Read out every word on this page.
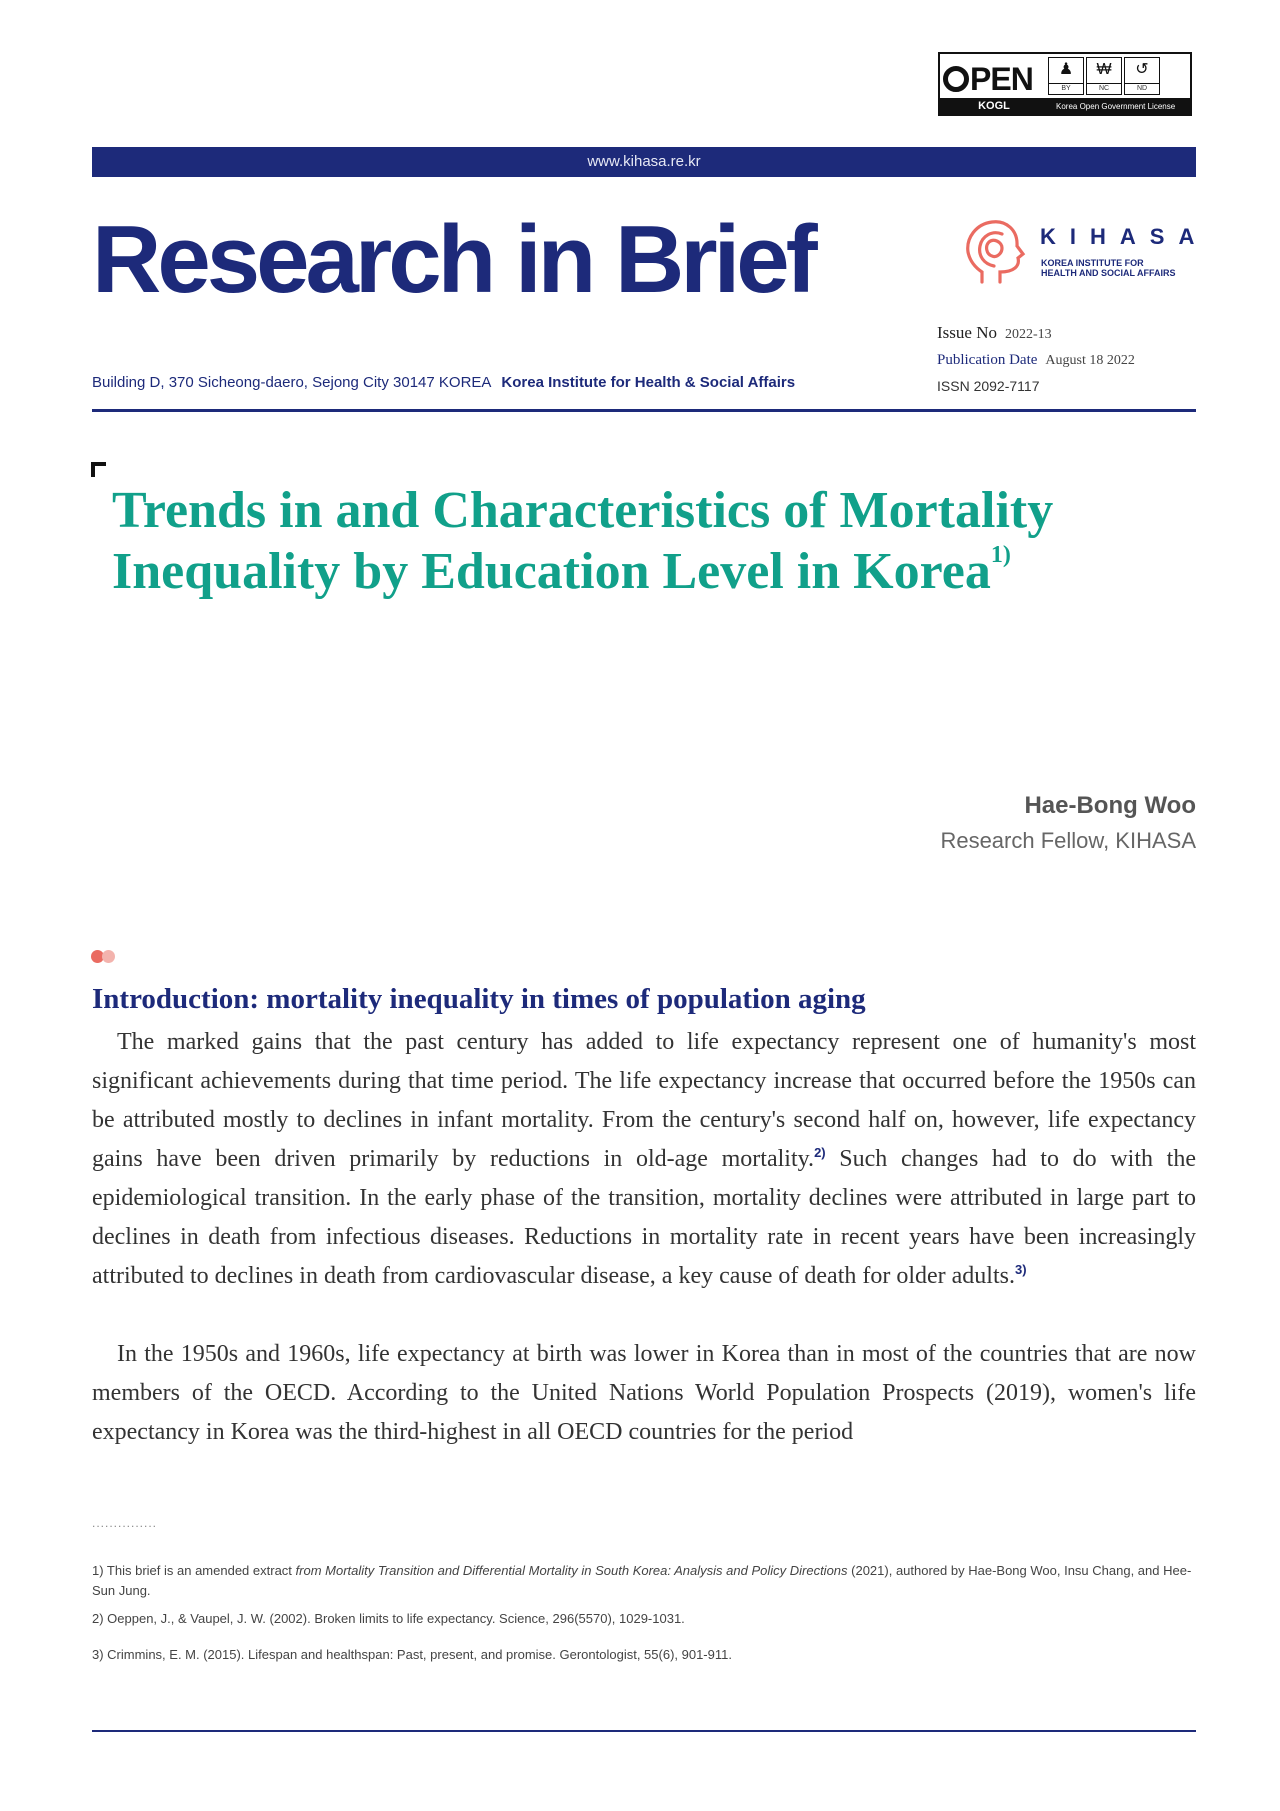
PEN	♟
BY
₩
NC
↺
ND
KOGL	Korea Open Government License
www.kihasa.re.kr
Research in Brief	KIHASA
KOREA INSTITUTE FOR
HEALTH AND SOCIAL AFFAIRS
Issue No 2022-13
Publication Date August 18 2022
ISSN 2092-7117
Building D, 370 Sicheong-daero, Sejong City 30147 KOREA Korea Institute for Health & Social Affairs
Trends in and Characteristics of Mortality
Inequality by Education Level in Korea$^{1)}$
Hae-Bong Woo
Research Fellow, KIHASA
Introduction: mortality inequality in times of population aging

The marked gains that the past century has added to life expectancy represent one of humanity's most significant achievements during that time period. The life expectancy increase that occurred before the 1950s can be attributed mostly to declines in infant mortality. From the century's second half on, however, life expectancy gains have been driven primarily by reductions in old-age mortality.$^{2)}$ Such changes had to do with the epidemiological transition. In the early phase of the transition, mortality declines were attributed in large part to declines in death from infectious diseases. Reductions in mortality rate in recent years have been increasingly attributed to declines in death from cardiovascular disease, a key cause of death for older adults.$^{3)}$

In the 1950s and 1960s, life expectancy at birth was lower in Korea than in most of the countries that are now members of the OECD. According to the United Nations World Population Prospects (2019), women's life expectancy in Korea was the third-highest in all OECD countries for the period

...............

1) This brief is an amended extract from Mortality Transition and Differential Mortality in South Korea: Analysis and Policy Directions (2021), authored by Hae-Bong Woo, Insu Chang, and Hee-Sun Jung.

2) Oeppen, J., & Vaupel, J. W. (2002). Broken limits to life expectancy. Science, 296(5570), 1029-1031.

3) Crimmins, E. M. (2015). Lifespan and healthspan: Past, present, and promise. Gerontologist, 55(6), 901-911.
